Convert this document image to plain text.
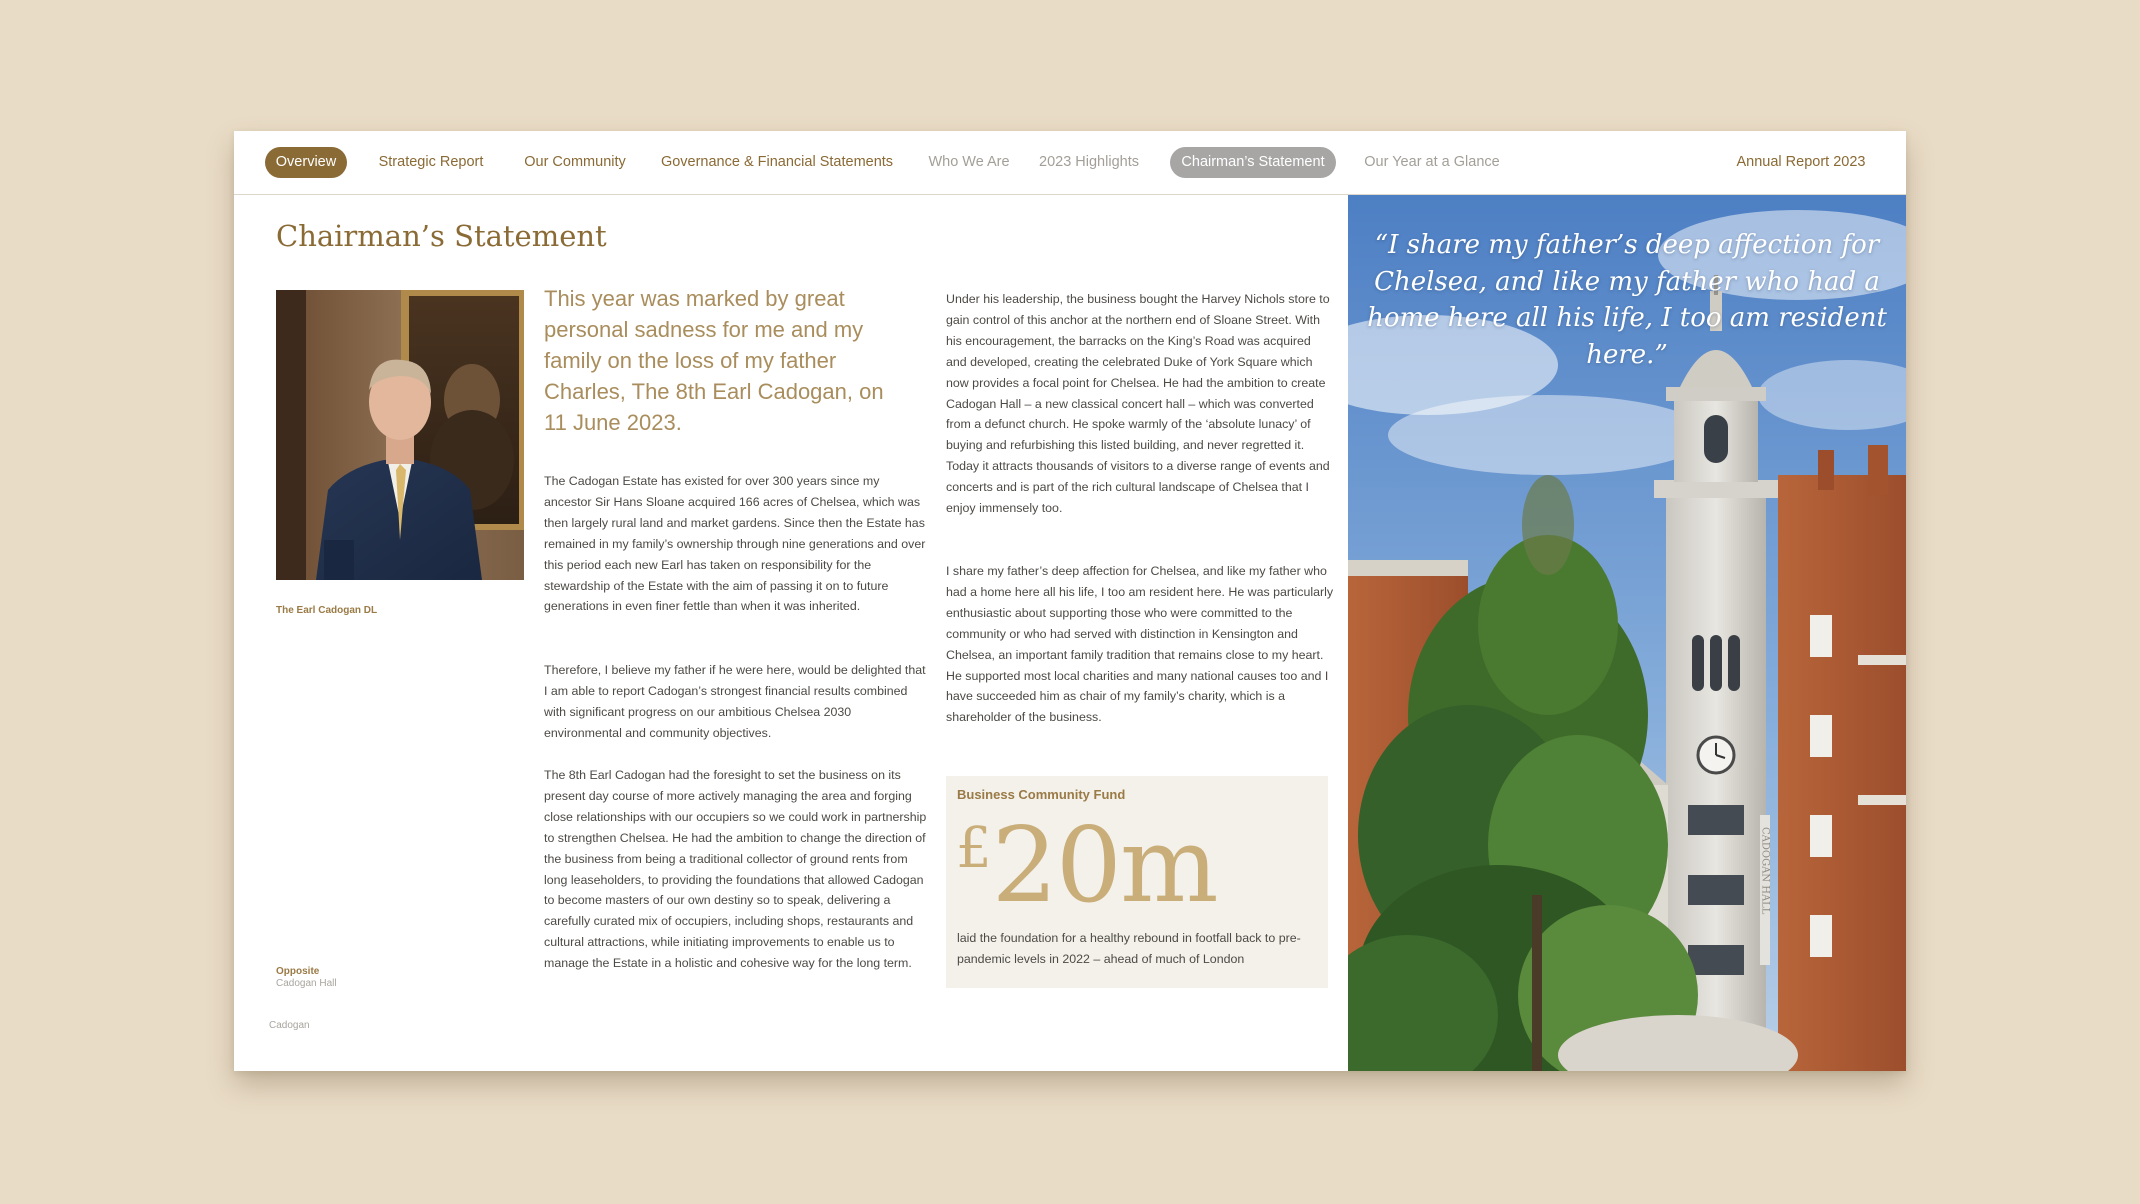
Overview	Strategic Report	Our Community	Governance & Financial Statements	Who We Are	2023 Highlights	Chairman’s Statement	Our Year at a Glance	Annual Report 2023
Chairman’s Statement
The Earl Cadogan DL

This year was marked by great personal sadness for me and my family on the loss of my father Charles, The 8th Earl Cadogan, on 11 June 2023.

The Cadogan Estate has existed for over 300 years since my ancestor Sir Hans Sloane acquired 166 acres of Chelsea, which was then largely rural land and market gardens. Since then the Estate has remained in my family’s ownership through nine generations and over this period each new Earl has taken on responsibility for the stewardship of the Estate with the aim of passing it on to future generations in even finer fettle than when it was inherited.

Therefore, I believe my father if he were here, would be delighted that I am able to report Cadogan’s strongest financial results combined with significant progress on our ambitious Chelsea 2030 environmental and community objectives.

The 8th Earl Cadogan had the foresight to set the business on its present day course of more actively managing the area and forging close relationships with our occupiers so we could work in partnership to strengthen Chelsea. He had the ambition to change the direction of the business from being a traditional collector of ground rents from long leaseholders, to providing the foundations that allowed Cadogan to become masters of our own destiny so to speak, delivering a carefully curated mix of occupiers, including shops, restaurants and cultural attractions, while initiating improvements to enable us to manage the Estate in a holistic and cohesive way for the long term.

Under his leadership, the business bought the Harvey Nichols store to gain control of this anchor at the northern end of Sloane Street. With his encouragement, the barracks on the King’s Road was acquired and developed, creating the celebrated Duke of York Square which now provides a focal point for Chelsea. He had the ambition to create Cadogan Hall – a new classical concert hall – which was converted from a defunct church. He spoke warmly of the ‘absolute lunacy’ of buying and refurbishing this listed building, and never regretted it. Today it attracts thousands of visitors to a diverse range of events and concerts and is part of the rich cultural landscape of Chelsea that I enjoy immensely too.

I share my father’s deep affection for Chelsea, and like my father who had a home here all his life, I too am resident here. He was particularly enthusiastic about supporting those who were committed to the community or who had served with distinction in Kensington and Chelsea, an important family tradition that remains close to my heart. He supported most local charities and many national causes too and I have succeeded him as chair of my family’s charity, which is a shareholder of the business.

Business Community Fund
£20m

laid the foundation for a healthy rebound in footfall back to pre-pandemic levels in 2022 – ahead of much of London

Opposite
Cadogan Hall
Cadogan
CADOGAN HALL

“I share my father’s deep affection for Chelsea, and like my father who had a home here all his life, I too am resident here.”
